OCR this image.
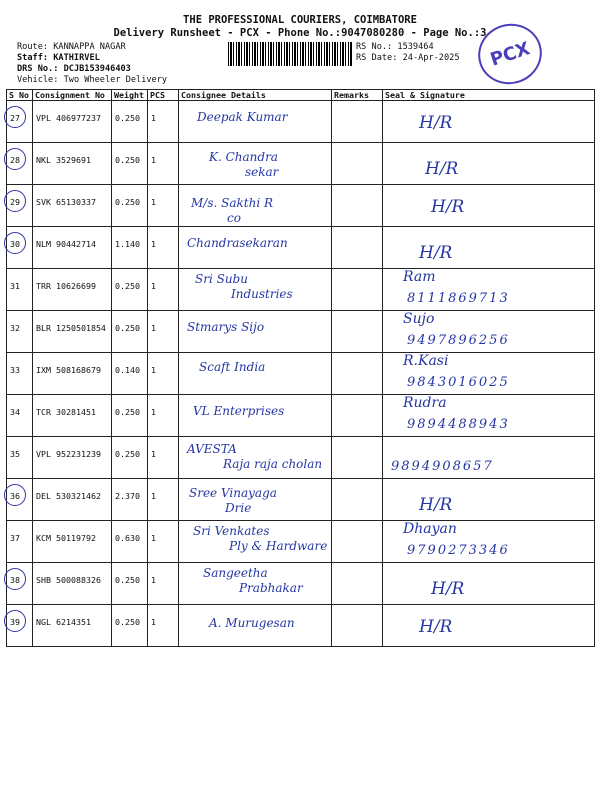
THE PROFESSIONAL COURIERS, COIMBATORE
Delivery Runsheet - PCX - Phone No.:9047080280 - Page No.:3
Route: KANNAPPA NAGAR
Staff: KATHIRVEL
DRS No.: DCJB153946403
Vehicle: Two Wheeler Delivery
RS No.: 1539464
RS Date: 24-Apr-2025	PCX
S No	Consignment No	Weight	PCS	Consignee Details	Remarks	Seal & Signature
27	VPL 406977237	0.250	1	Deepak Kumar		H/R

28	NKL 3529691	0.250	1	K. Chandra
sekar		H/R

29	SVK 65130337	0.250	1	M/s. Sakthi R
co		H/R

30	NLM 90442714	1.140	1	Chandrasekaran		H/R

31	TRR 10626699	0.250	1	Sri Subu
Industries		Ram
8111869713

32	BLR 1250501854	0.250	1	Stmarys Sijo		Sujo
9497896256

33	IXM 508168679	0.140	1	Scaft India		R.Kasi
9843016025

34	TCR 30281451	0.250	1	VL Enterprises		Rudra
9894488943

35	VPL 952231239	0.250	1	AVESTA
Raja raja cholan		9894908657

36	DEL 530321462	2.370	1	Sree Vinayaga
Drie		H/R

37	KCM 50119792	0.630	1	Sri Venkates
Ply & Hardware		Dhayan
9790273346

38	SHB 500088326	0.250	1	Sangeetha
Prabhakar		H/R

39	NGL 6214351	0.250	1	A. Murugesan		H/R
